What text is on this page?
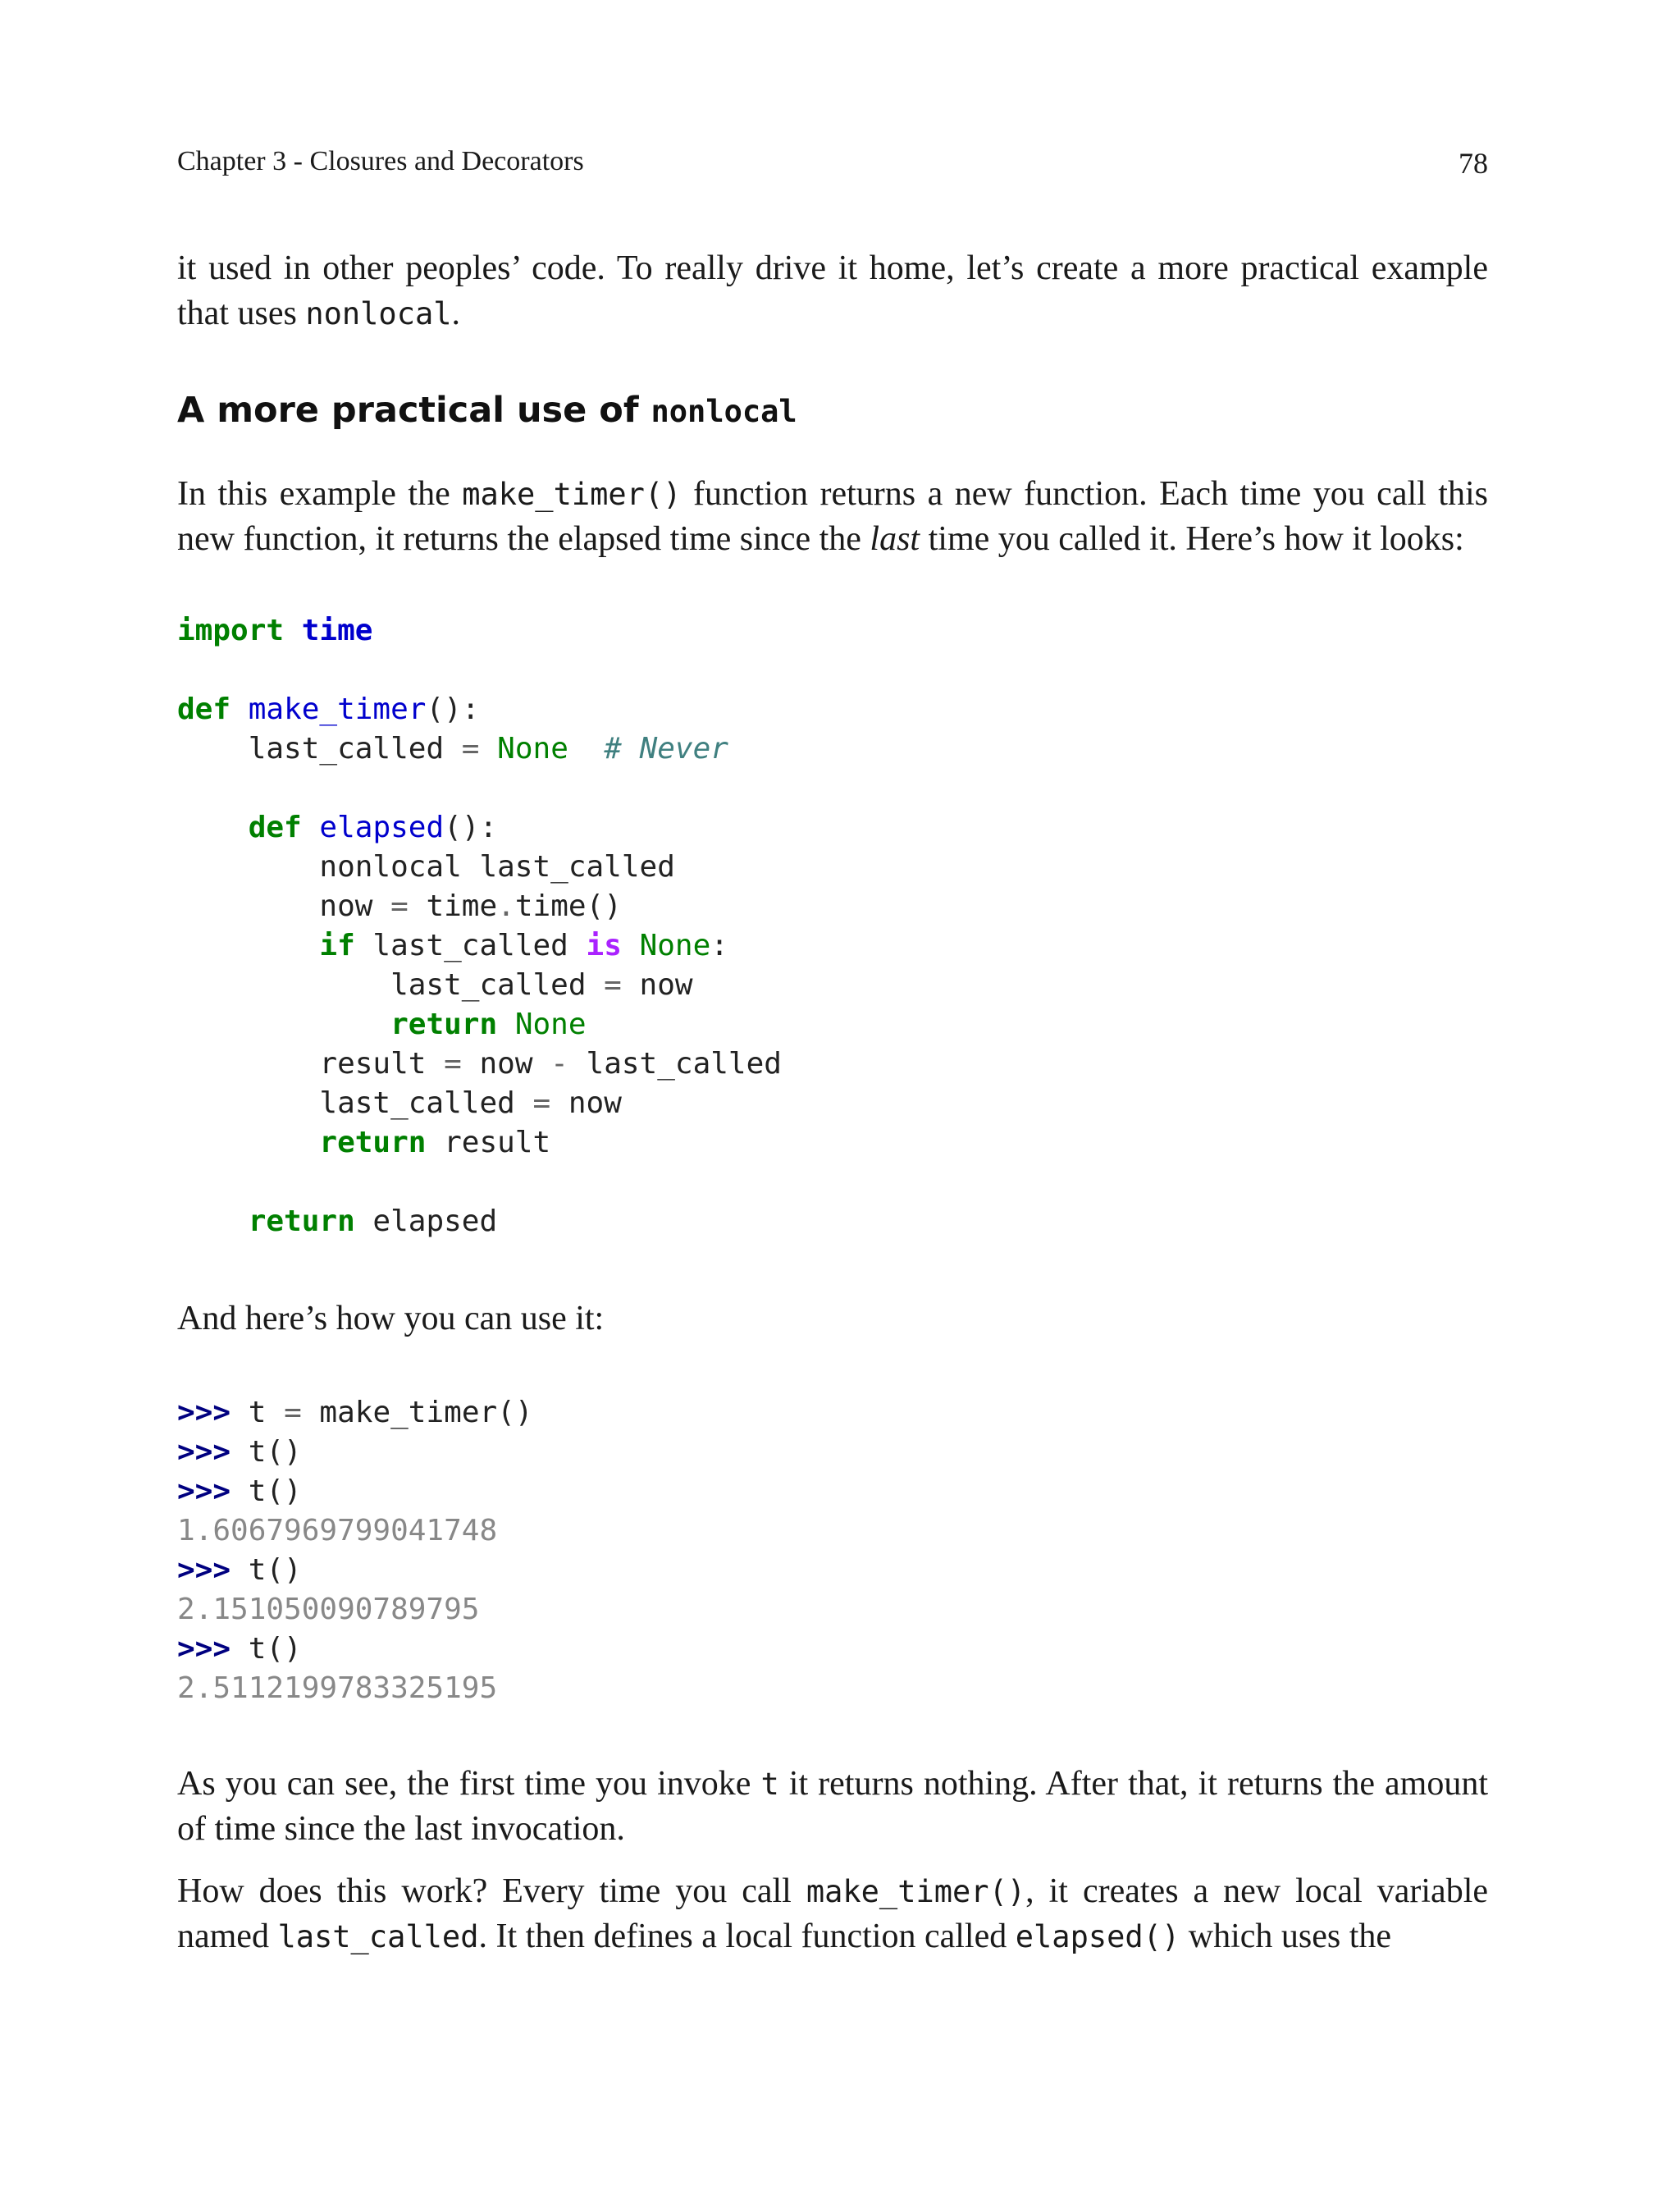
Chapter 3 - Closures and Decorators	78

it used in other peoples’ code. To really drive it home, let’s create a more practical example that uses nonlocal.

A more practical use of nonlocal

In this example the make_timer() function returns a new function. Each time you call this new function, it returns the elapsed time since the last time you called it. Here’s how it looks:

import time
def make_timer():
last_called = None # Never
def elapsed():
nonlocal last_called
now = time.time()
if last_called is None:
last_called = now
return None
result = now - last_called
last_called = now
return result
return elapsed

And here’s how you can use it:

>>> t = make_timer()
>>> t()
>>> t()
1.6067969799041748
>>> t()
2.151050090789795
>>> t()
2.5112199783325195

As you can see, the first time you invoke t it returns nothing. After that, it returns the amount of time since the last invocation.

How does this work? Every time you call make_timer(), it creates a new local variable named last_called. It then defines a local function called elapsed() which uses the
